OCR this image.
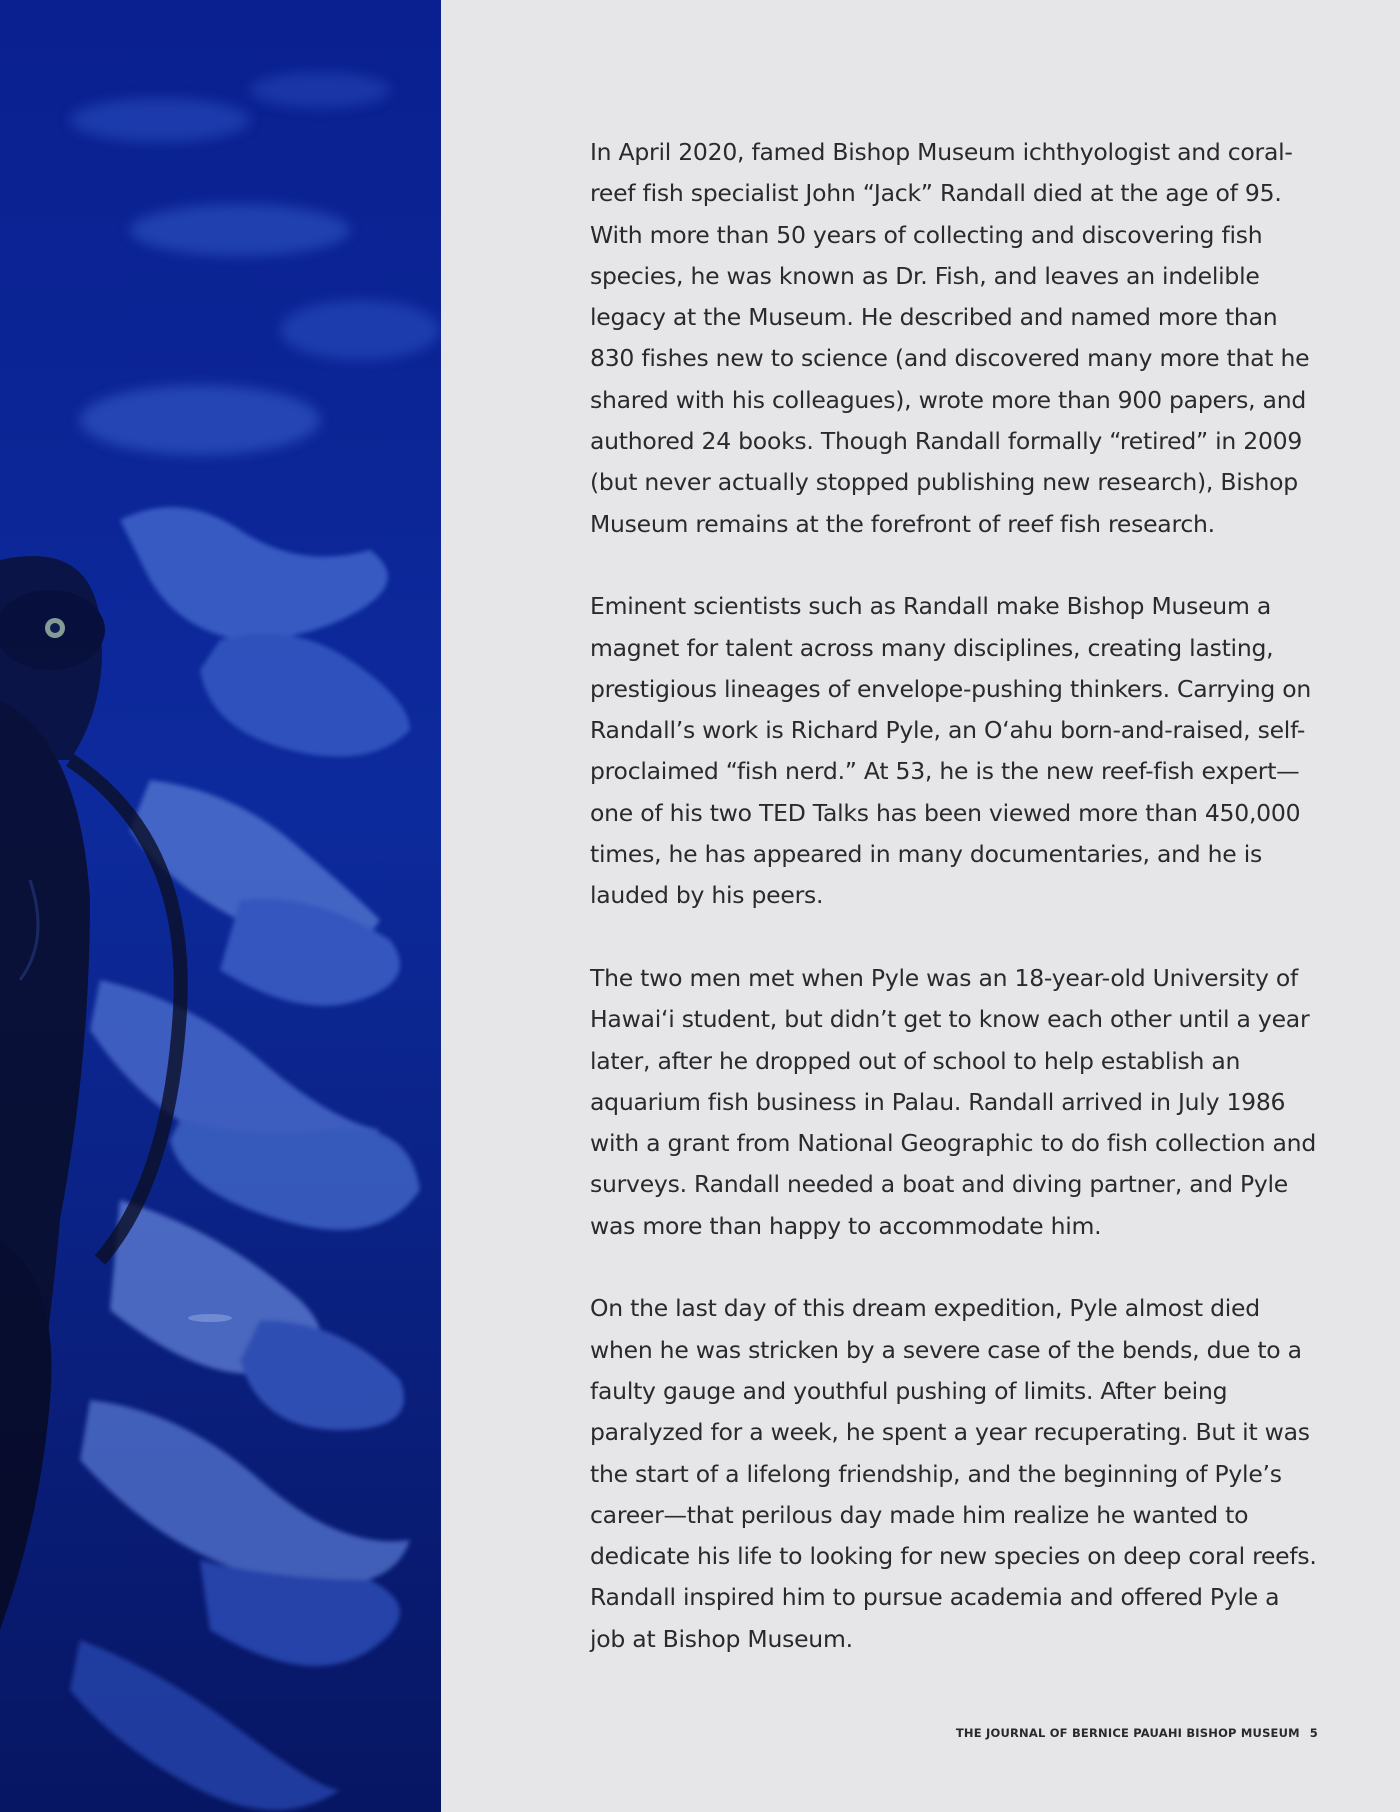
In April 2020, famed Bishop Museum ichthyologist and coral-reef fish specialist John “Jack” Randall died at the age of 95. With more than 50 years of collecting and discovering fish species, he was known as Dr. Fish, and leaves an indelible legacy at the Museum. He described and named more than 830 fishes new to science (and discovered many more that he shared with his colleagues), wrote more than 900 papers, and authored 24 books. Though Randall formally “retired” in 2009 (but never actually stopped publishing new research), Bishop Museum remains at the forefront of reef fish research.

Eminent scientists such as Randall make Bishop Museum a magnet for talent across many disciplines, creating lasting, prestigious lineages of envelope-pushing thinkers. Carrying on Randall’s work is Richard Pyle, an Oʻahu born-and-raised, self-proclaimed “fish nerd.” At 53, he is the new reef-fish expert—one of his two TED Talks has been viewed more than 450,000 times, he has appeared in many documentaries, and he is lauded by his peers.

The two men met when Pyle was an 18-year-old University of Hawaiʻi student, but didn’t get to know each other until a year later, after he dropped out of school to help establish an aquarium fish business in Palau. Randall arrived in July 1986 with a grant from National Geographic to do fish collection and surveys. Randall needed a boat and diving partner, and Pyle was more than happy to accommodate him.

On the last day of this dream expedition, Pyle almost died when he was stricken by a severe case of the bends, due to a faulty gauge and youthful pushing of limits. After being paralyzed for a week, he spent a year recuperating. But it was the start of a lifelong friendship, and the beginning of Pyle’s career—that perilous day made him realize he wanted to dedicate his life to looking for new species on deep coral reefs. Randall inspired him to pursue academia and offered Pyle a job at Bishop Museum.

THE JOURNAL OF BERNICE PAUAHI BISHOP MUSEUM 5
